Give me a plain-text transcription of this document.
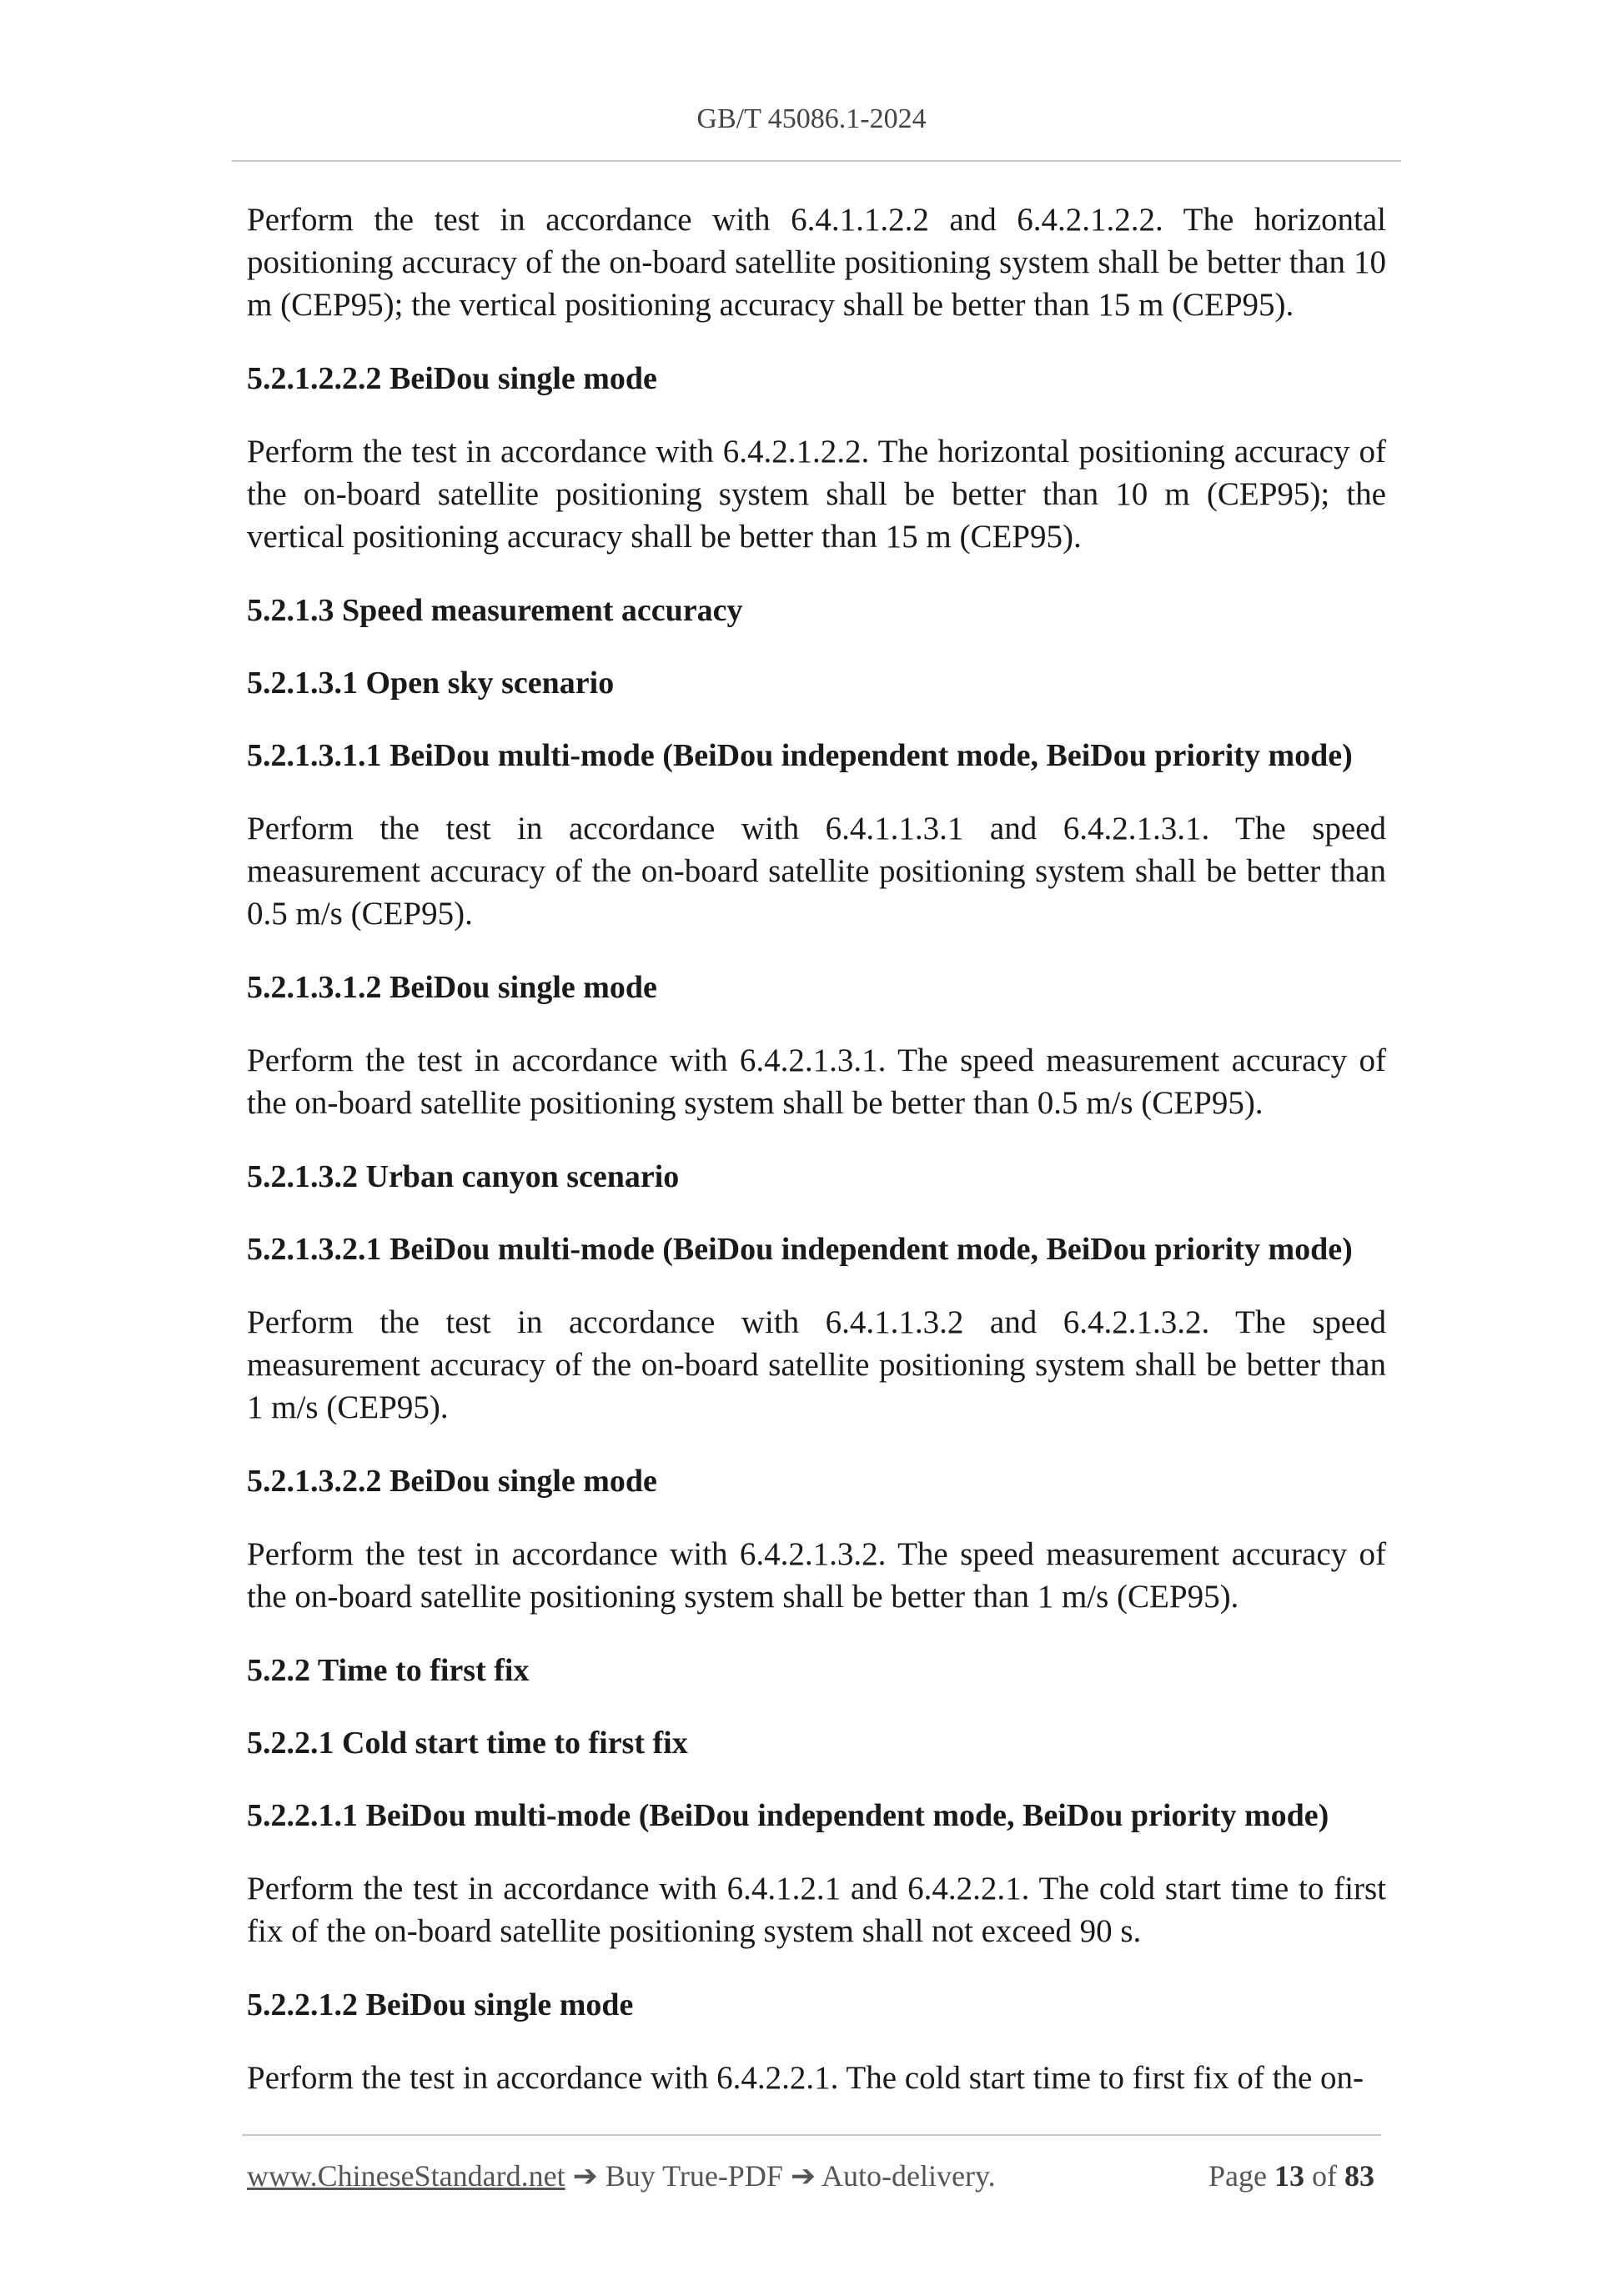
GB/T 45086.1-2024

Perform the test in accordance with 6.4.1.1.2.2 and 6.4.2.1.2.2. The horizontal positioning accuracy of the on-board satellite positioning system shall be better than 10 m (CEP95); the vertical positioning accuracy shall be better than 15 m (CEP95).

5.2.1.2.2.2 BeiDou single mode

Perform the test in accordance with 6.4.2.1.2.2. The horizontal positioning accuracy of the on-board satellite positioning system shall be better than 10 m (CEP95); the vertical positioning accuracy shall be better than 15 m (CEP95).

5.2.1.3 Speed measurement accuracy
5.2.1.3.1 Open sky scenario
5.2.1.3.1.1 BeiDou multi-mode (BeiDou independent mode, BeiDou priority mode)

Perform the test in accordance with 6.4.1.1.3.1 and 6.4.2.1.3.1. The speed measurement accuracy of the on-board satellite positioning system shall be better than 0.5 m/s (CEP95).

5.2.1.3.1.2 BeiDou single mode

Perform the test in accordance with 6.4.2.1.3.1. The speed measurement accuracy of the on-board satellite positioning system shall be better than 0.5 m/s (CEP95).

5.2.1.3.2 Urban canyon scenario
5.2.1.3.2.1 BeiDou multi-mode (BeiDou independent mode, BeiDou priority mode)

Perform the test in accordance with 6.4.1.1.3.2 and 6.4.2.1.3.2. The speed measurement accuracy of the on-board satellite positioning system shall be better than 1 m/s (CEP95).

5.2.1.3.2.2 BeiDou single mode

Perform the test in accordance with 6.4.2.1.3.2. The speed measurement accuracy of the on-board satellite positioning system shall be better than 1 m/s (CEP95).

5.2.2 Time to first fix
5.2.2.1 Cold start time to first fix
5.2.2.1.1 BeiDou multi-mode (BeiDou independent mode, BeiDou priority mode)

Perform the test in accordance with 6.4.1.2.1 and 6.4.2.2.1. The cold start time to first fix of the on-board satellite positioning system shall not exceed 90 s.

5.2.2.1.2 BeiDou single mode

Perform the test in accordance with 6.4.2.2.1. The cold start time to first fix of the on-

www.ChineseStandard.net ➔ Buy True-PDF ➔ Auto-delivery.	Page 13 of 83
